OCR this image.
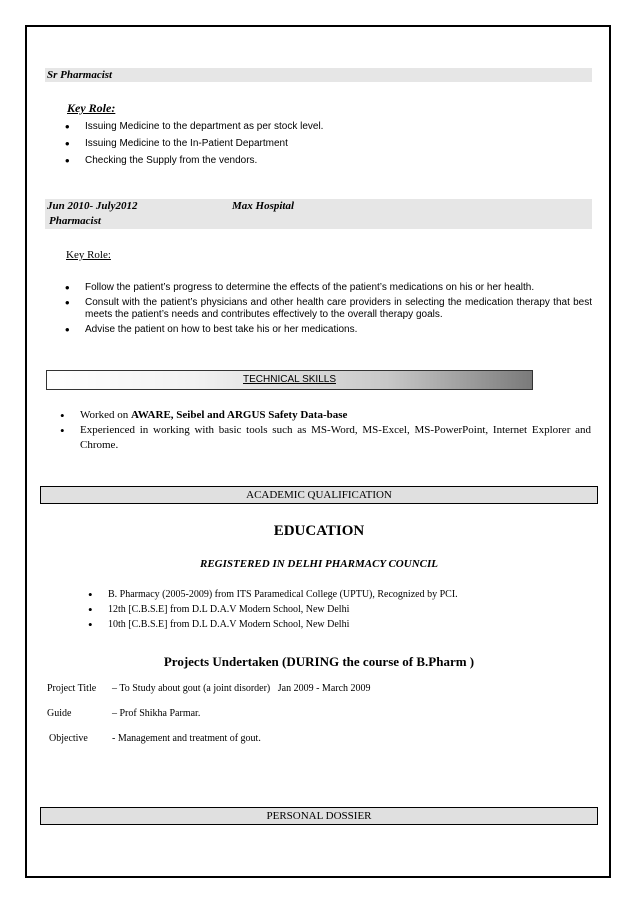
Sr Pharmacist
Key Role:
• Issuing Medicine to the department as per stock level.
• Issuing Medicine to the In-Patient Department
• Checking the Supply from the vendors.
Jun 2010- July2012	Max Hospital
Pharmacist
Key Role:
• Follow the patient’s progress to determine the effects of the patient’s medications on his or her health.
• Consult with the patient’s physicians and other health care providers in selecting the medication therapy that best meets the patient’s needs and contributes effectively to the overall therapy goals.
• Advise the patient on how to best take his or her medications.
TECHNICAL SKILLS
• Worked on AWARE, Seibel and ARGUS Safety Data-base
• Experienced in working with basic tools such as MS-Word, MS-Excel, MS-PowerPoint, Internet Explorer and Chrome.
ACADEMIC QUALIFICATION
EDUCATION
REGISTERED IN DELHI PHARMACY COUNCIL
• B. Pharmacy (2005-2009) from ITS Paramedical College (UPTU), Recognized by PCI.
• 12th [C.B.S.E] from D.L D.A.V Modern School, New Delhi
• 10th [C.B.S.E] from D.L D.A.V Modern School, New Delhi
Projects Undertaken (DURING the course of B.Pharm )
Project Title – To Study about gout (a joint disorder)   Jan 2009 - March 2009
Guide	– Prof Shikha Parmar.
Objective - Management and treatment of gout.
PERSONAL DOSSIER
